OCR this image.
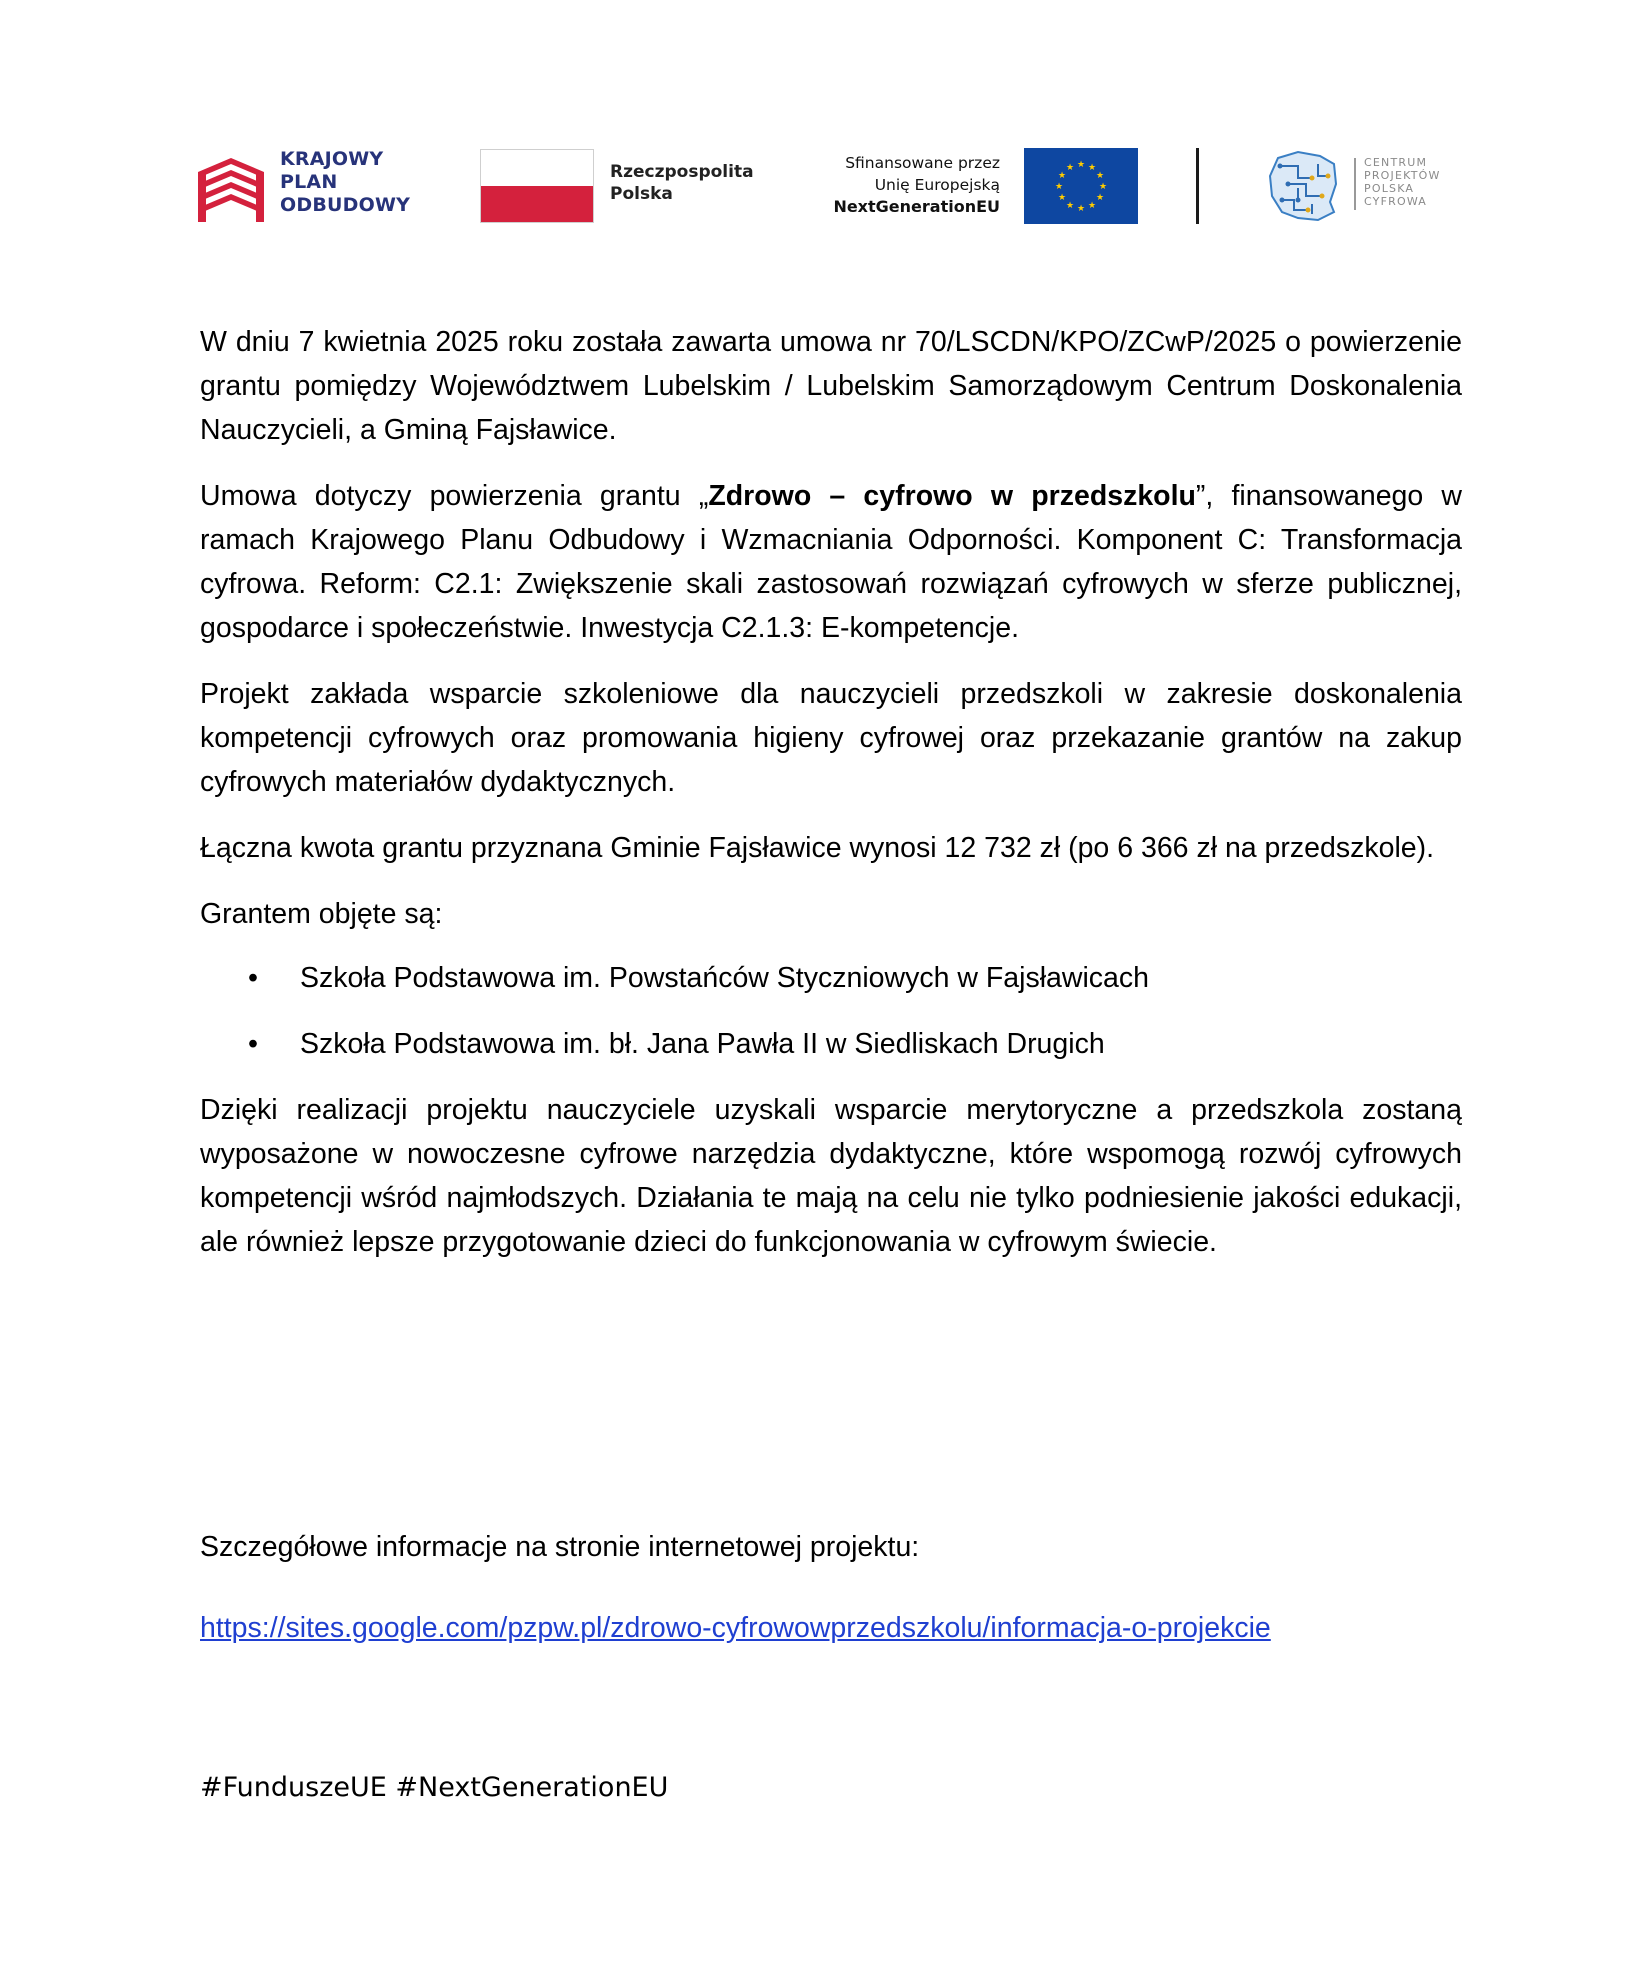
KRAJOWY
PLAN
ODBUDOWY
Rzeczpospolita
Polska
Sfinansowane przez
Unię Europejską
NextGenerationEU
★ ★
★
★
★
★
★
★
★
★
★
★	CENTRUM
PROJEKTÓW
POLSKA
CYFROWA

W dniu 7 kwietnia 2025 roku została zawarta umowa nr 70/LSCDN/KPO/ZCwP/2025 o powierzenie grantu pomiędzy Województwem Lubelskim / Lubelskim Samorządowym Centrum Doskonalenia Nauczycieli, a Gminą Fajsławice.

Umowa dotyczy powierzenia grantu „Zdrowo – cyfrowo w przedszkolu”, finansowanego w ramach Krajowego Planu Odbudowy i Wzmacniania Odporności. Komponent C: Transformacja cyfrowa. Reform: C2.1: Zwiększenie skali zastosowań rozwiązań cyfrowych w sferze publicznej, gospodarce i społeczeństwie. Inwestycja C2.1.3: E-kompetencje.

Projekt zakłada wsparcie szkoleniowe dla nauczycieli przedszkoli w zakresie doskonalenia kompetencji cyfrowych oraz promowania higieny cyfrowej oraz przekazanie grantów na zakup cyfrowych materiałów dydaktycznych.

Łączna kwota grantu przyznana Gminie Fajsławice wynosi 12 732 zł (po 6 366 zł na przedszkole).

Grantem objęte są:

• Szkoła Podstawowa im. Powstańców Styczniowych w Fajsławicach
• Szkoła Podstawowa im. bł. Jana Pawła II w Siedliskach Drugich

Dzięki realizacji projektu nauczyciele uzyskali wsparcie merytoryczne a przedszkola zostaną wyposażone w nowoczesne cyfrowe narzędzia dydaktyczne, które wspomogą rozwój cyfrowych kompetencji wśród najmłodszych. Działania te mają na celu nie tylko podniesienie jakości edukacji, ale również lepsze przygotowanie dzieci do funkcjonowania w cyfrowym świecie.

Szczegółowe informacje na stronie internetowej projektu:
https://sites.google.com/pzpw.pl/zdrowo-cyfrowowprzedszkolu/informacja-o-projekcie
#FunduszeUE #NextGenerationEU
